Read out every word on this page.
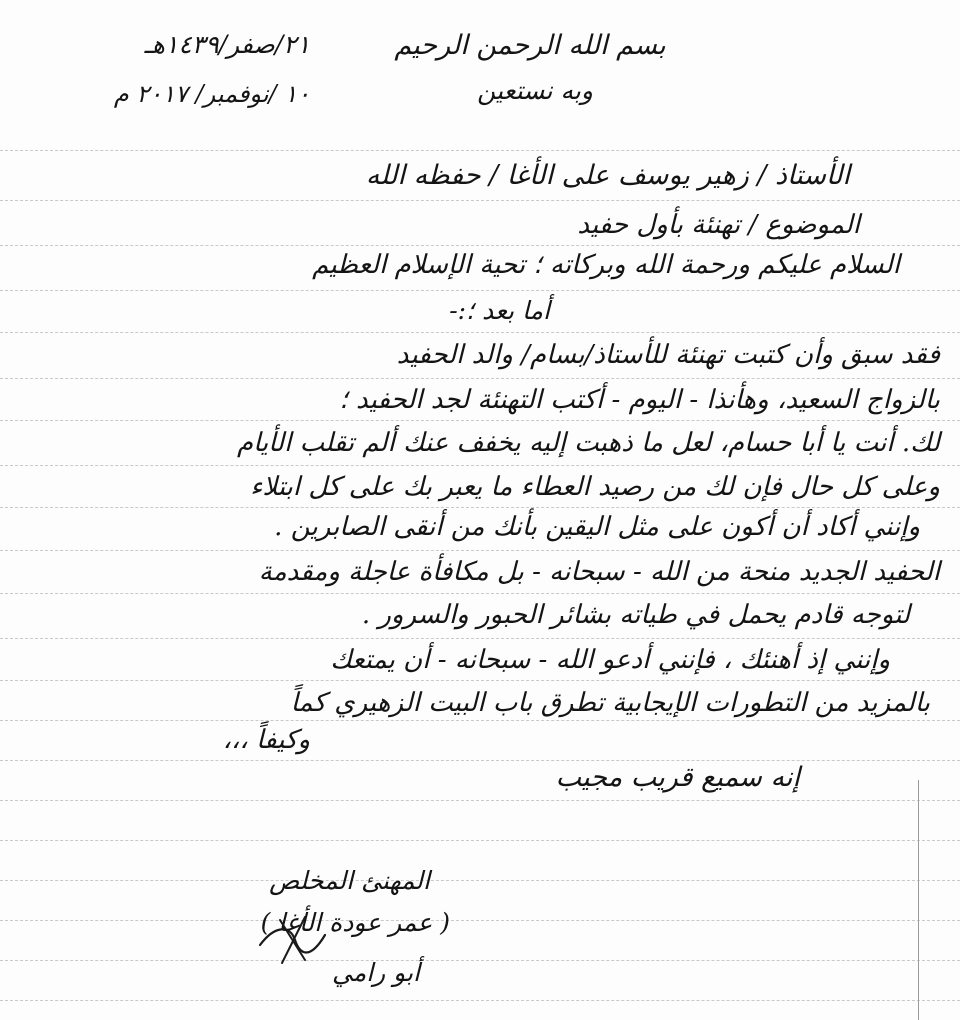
بسم الله الرحمن الرحيم
وبه نستعين
٢١/صفر/١٤٣٩هـ
١٠ /نوفمبر/ ٢٠١٧ م
الأستاذ / زهير يوسف على الأغا / حفظه الله
الموضوع / تهنئة بأول حفيد
السلام عليكم ورحمة الله وبركاته ؛ تحية الإسلام العظيم
أما بعد ؛:-
فقد سبق وأن كتبت تهنئة للأستاذ/بسام/ والد الحفيد
بالزواج السعيد، وهأنذا - اليوم - أكتب التهنئة لجد الحفيد ؛
لك. أنت يا أبا حسام، لعل ما ذهبت إليه يخفف عنك ألم تقلب الأيام
وعلى كل حال فإن لك من رصيد العطاء ما يعبر بك على كل ابتلاء
وإنني أكاد أن أكون على مثل اليقين بأنك من أنقى الصابرين .
الحفيد الجديد منحة من الله - سبحانه - بل مكافأة عاجلة ومقدمة
لتوجه قادم يحمل في طياته بشائر الحبور والسرور .
وإنني إذ أهنئك ، فإنني أدعو الله - سبحانه - أن يمتعك
بالمزيد من التطورات الإيجابية تطرق باب البيت الزهيري كماً
وكيفاً ،،،
إنه سميع قريب مجيب
المهنئ المخلص
( عمر عودة الأغا )
أبو رامي
